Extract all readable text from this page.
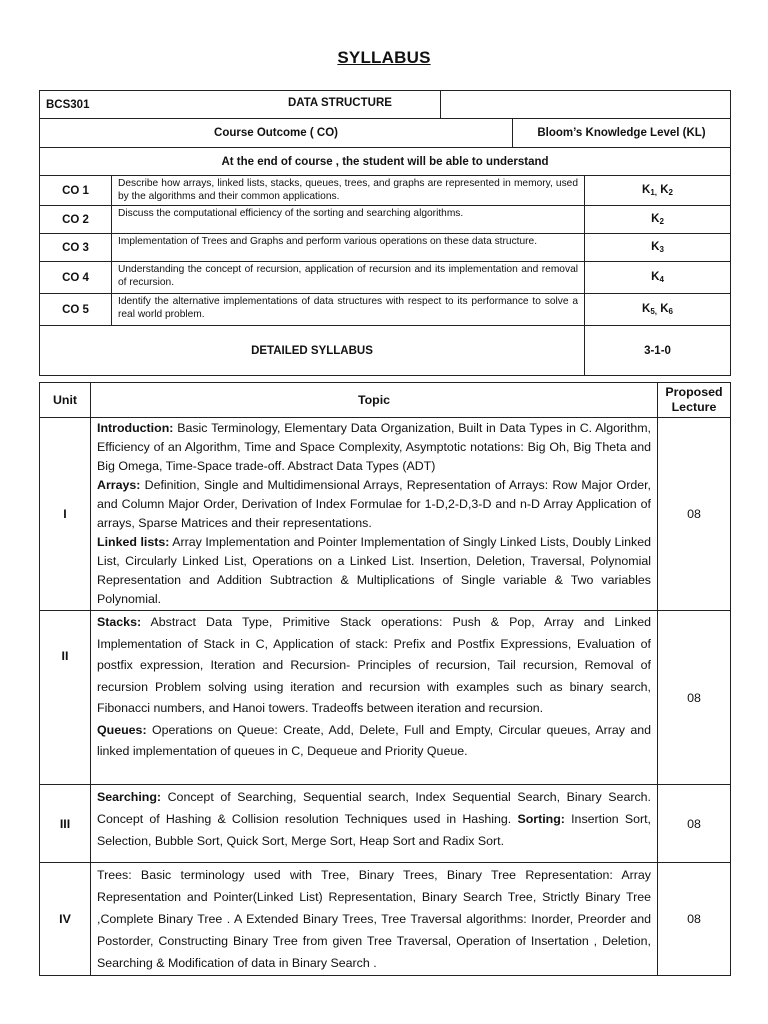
SYLLABUS
BCS301 DATA STRUCTURE				

Course Outcome ( CO)			Bloom’s Knowledge Level (KL)	
At the end of course , the student will be able to understand				
CO 1	Describe how arrays, linked lists, stacks, queues, trees, and graphs are represented in memory, used by the algorithms and their common applications.			$K_{1,}$ $K_2$
CO 2	Discuss the computational efficiency of the sorting and searching algorithms.			$K_2$
CO 3	Implementation of Trees and Graphs and perform various operations on these data structure.			$K_3$
CO 4	Understanding the concept of recursion, application of recursion and its implementation and removal of recursion.			$K_4$
CO 5	Identify the alternative implementations of data structures with respect to its performance to solve a real world problem.			$K_{5,}$ $K_6$
DETAILED SYLLABUS				3-1-0
Unit	Topic	Proposed Lecture
I	Introduction: Basic Terminology, Elementary Data Organization, Built in Data Types in C. Algorithm, Efficiency of an Algorithm, Time and Space Complexity, Asymptotic notations: Big Oh, Big Theta and Big Omega, Time-Space trade-off. Abstract Data Types (ADT)

Arrays: Definition, Single and Multidimensional Arrays, Representation of Arrays: Row Major Order, and Column Major Order, Derivation of Index Formulae for 1-D,2-D,3-D and n-D Array Application of arrays, Sparse Matrices and their representations.

Linked lists: Array Implementation and Pointer Implementation of Singly Linked Lists, Doubly Linked List, Circularly Linked List, Operations on a Linked List. Insertion, Deletion, Traversal, Polynomial Representation and Addition Subtraction & Multiplications of Single variable & Two variables Polynomial.	08
II	Stacks: Abstract Data Type, Primitive Stack operations: Push & Pop, Array and Linked Implementation of Stack in C, Application of stack: Prefix and Postfix Expressions, Evaluation of postfix expression, Iteration and Recursion- Principles of recursion, Tail recursion, Removal of recursion Problem solving using iteration and recursion with examples such as binary search, Fibonacci numbers, and Hanoi towers. Tradeoffs between iteration and recursion.

Queues: Operations on Queue: Create, Add, Delete, Full and Empty, Circular queues, Array and linked implementation of queues in C, Dequeue and Priority Queue.	08
III	Searching: Concept of Searching, Sequential search, Index Sequential Search, Binary Search. Concept of Hashing & Collision resolution Techniques used in Hashing. Sorting: Insertion Sort, Selection, Bubble Sort, Quick Sort, Merge Sort, Heap Sort and Radix Sort.	08
IV	Trees: Basic terminology used with Tree, Binary Trees, Binary Tree Representation: Array Representation and Pointer(Linked List) Representation, Binary Search Tree, Strictly Binary Tree ,Complete Binary Tree . A Extended Binary Trees, Tree Traversal algorithms: Inorder, Preorder and Postorder, Constructing Binary Tree from given Tree Traversal, Operation of Insertation , Deletion, Searching & Modification of data in Binary Search .	08
